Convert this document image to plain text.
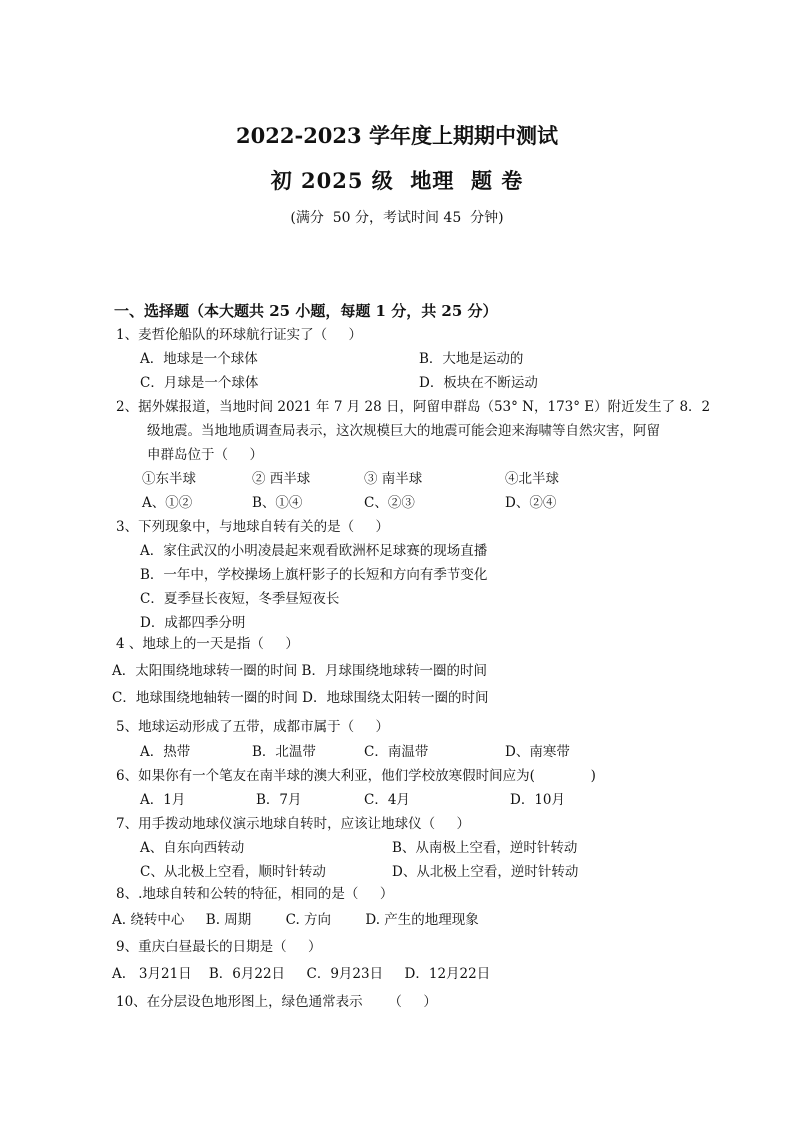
2022-2023 学年度上期期中测试
初 2025 级  地理  题 卷
(满分  50 分，考试时间 45  分钟)
一、选择题（本大题共 25 小题，每题 1 分，共 25 分）
1、麦哲伦船队的环球航行证实了（     ）
A．地球是一个球体	B．大地是运动的
C．月球是一个球体	D．板块在不断运动
2、据外媒报道，当地时间 2021 年 7 月 28 日，阿留申群岛（53° N，173° E）附近发生了 8．2
级地震。当地地质调查局表示，这次规模巨大的地震可能会迎来海啸等自然灾害，阿留
申群岛位于（     ）
①东半球	② 西半球	③ 南半球	④北半球
A、①②	B、①④	C、②③	D、②④
3、下列现象中，与地球自转有关的是（     ）
A．家住武汉的小明凌晨起来观看欧洲杯足球赛的现场直播
B．一年中，学校操场上旗杆影子的长短和方向有季节变化
C．夏季昼长夜短，冬季昼短夜长
D．成都四季分明
4 、地球上的一天是指（     ）
A．太阳围绕地球转一圈的时间 B．月球围绕地球转一圈的时间
C．地球围绕地轴转一圈的时间 D．地球围绕太阳转一圈的时间
5、地球运动形成了五带，成都市属于（     ）
A．热带	B．北温带	C．南温带	D、南寒带
6、如果你有一个笔友在南半球的澳大利亚，他们学校放寒假时间应为(             )
A．1月	B．7月	C．4月	D．10月
7、用手拨动地球仪演示地球自转时，应该让地球仪（     ）
A、自东向西转动	B、从南极上空看，逆时针转动
C、从北极上空看，顺时针转动	D、从北极上空看，逆时针转动
8、.地球自转和公转的特征，相同的是（     ）
A. 绕转中心     B. 周期        C. 方向        D. 产生的地理现象
9、重庆白昼最长的日期是（     ）
A.   3月21日    B．6月22日     C．9月23日     D．12月22日
10、在分层设色地形图上，绿色通常表示      （     ）
